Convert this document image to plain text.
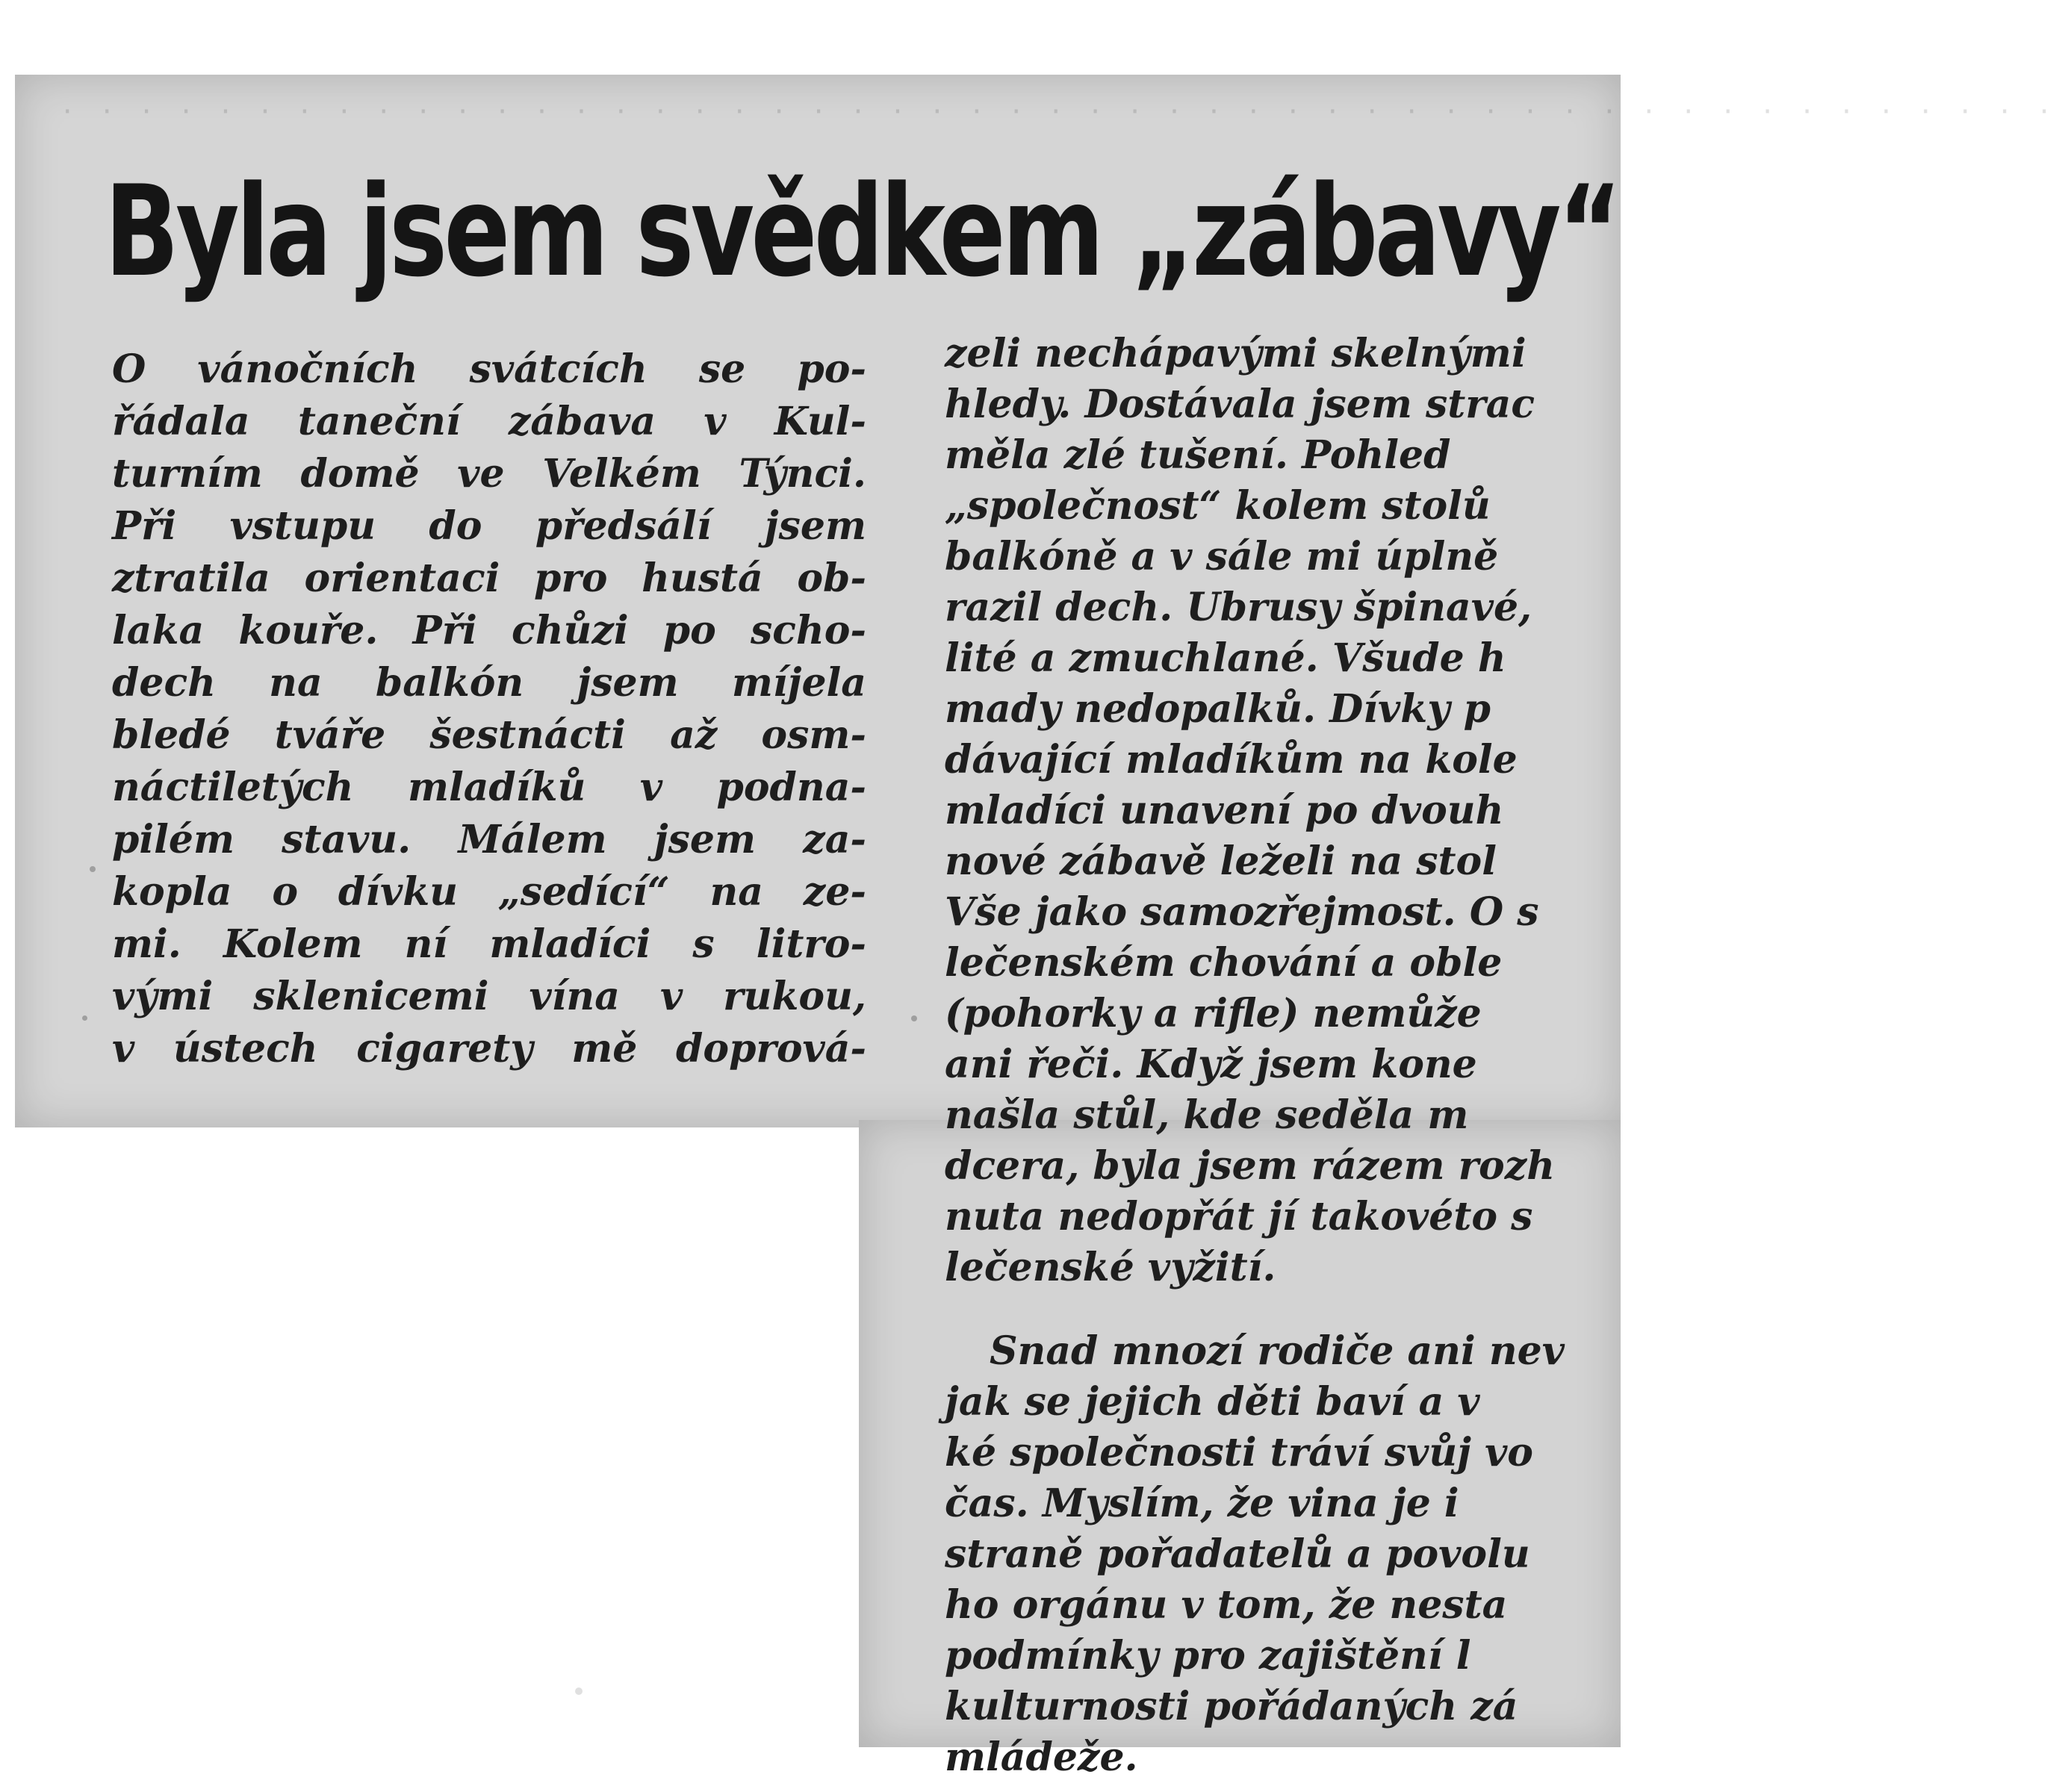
· · · · · · · · · · · · · · · · · · · · · · · · · · · · · · · · · · · · · · · · · · · · · · · · · · ·
Byla jsem svědkem „zábavy“
O vánočních svátcích se po-
řádala taneční zábava v Kul-
turním domě ve Velkém Týnci.
Při vstupu do předsálí jsem
ztratila orientaci pro hustá ob-
laka kouře. Při chůzi po scho-
dech na balkón jsem míjela
bledé tváře šestnácti až osm-
náctiletých mladíků v podna-
pilém stavu. Málem jsem za-
kopla o dívku „sedící“ na ze-
mi. Kolem ní mladíci s litro-
vými sklenicemi vína v rukou,
v ústech cigarety mě doprová-
zeli nechápavými skelnými
hledy. Dostávala jsem strac
měla zlé tušení. Pohled
„společnost“ kolem stolů
balkóně a v sále mi úplně
razil dech. Ubrusy špinavé,
lité a zmuchlané. Všude h
mady nedopalků. Dívky p
dávající mladíkům na kole
mladíci unavení po dvouh
nové zábavě leželi na stol
Vše jako samozřejmost. O s
lečenském chování a oble
(pohorky a rifle) nemůže
ani řeči. Když jsem kone
našla stůl, kde seděla m
dcera, byla jsem rázem rozh
nuta nedopřát jí takovéto s
lečenské vyžití.
Snad mnozí rodiče ani nev
jak se jejich děti baví a v
ké společnosti tráví svůj vo
čas. Myslím, že vina je i
straně pořadatelů a povolu
ho orgánu v tom, že nesta
podmínky pro zajištění l
kulturnosti pořádaných zá
mládeže.
